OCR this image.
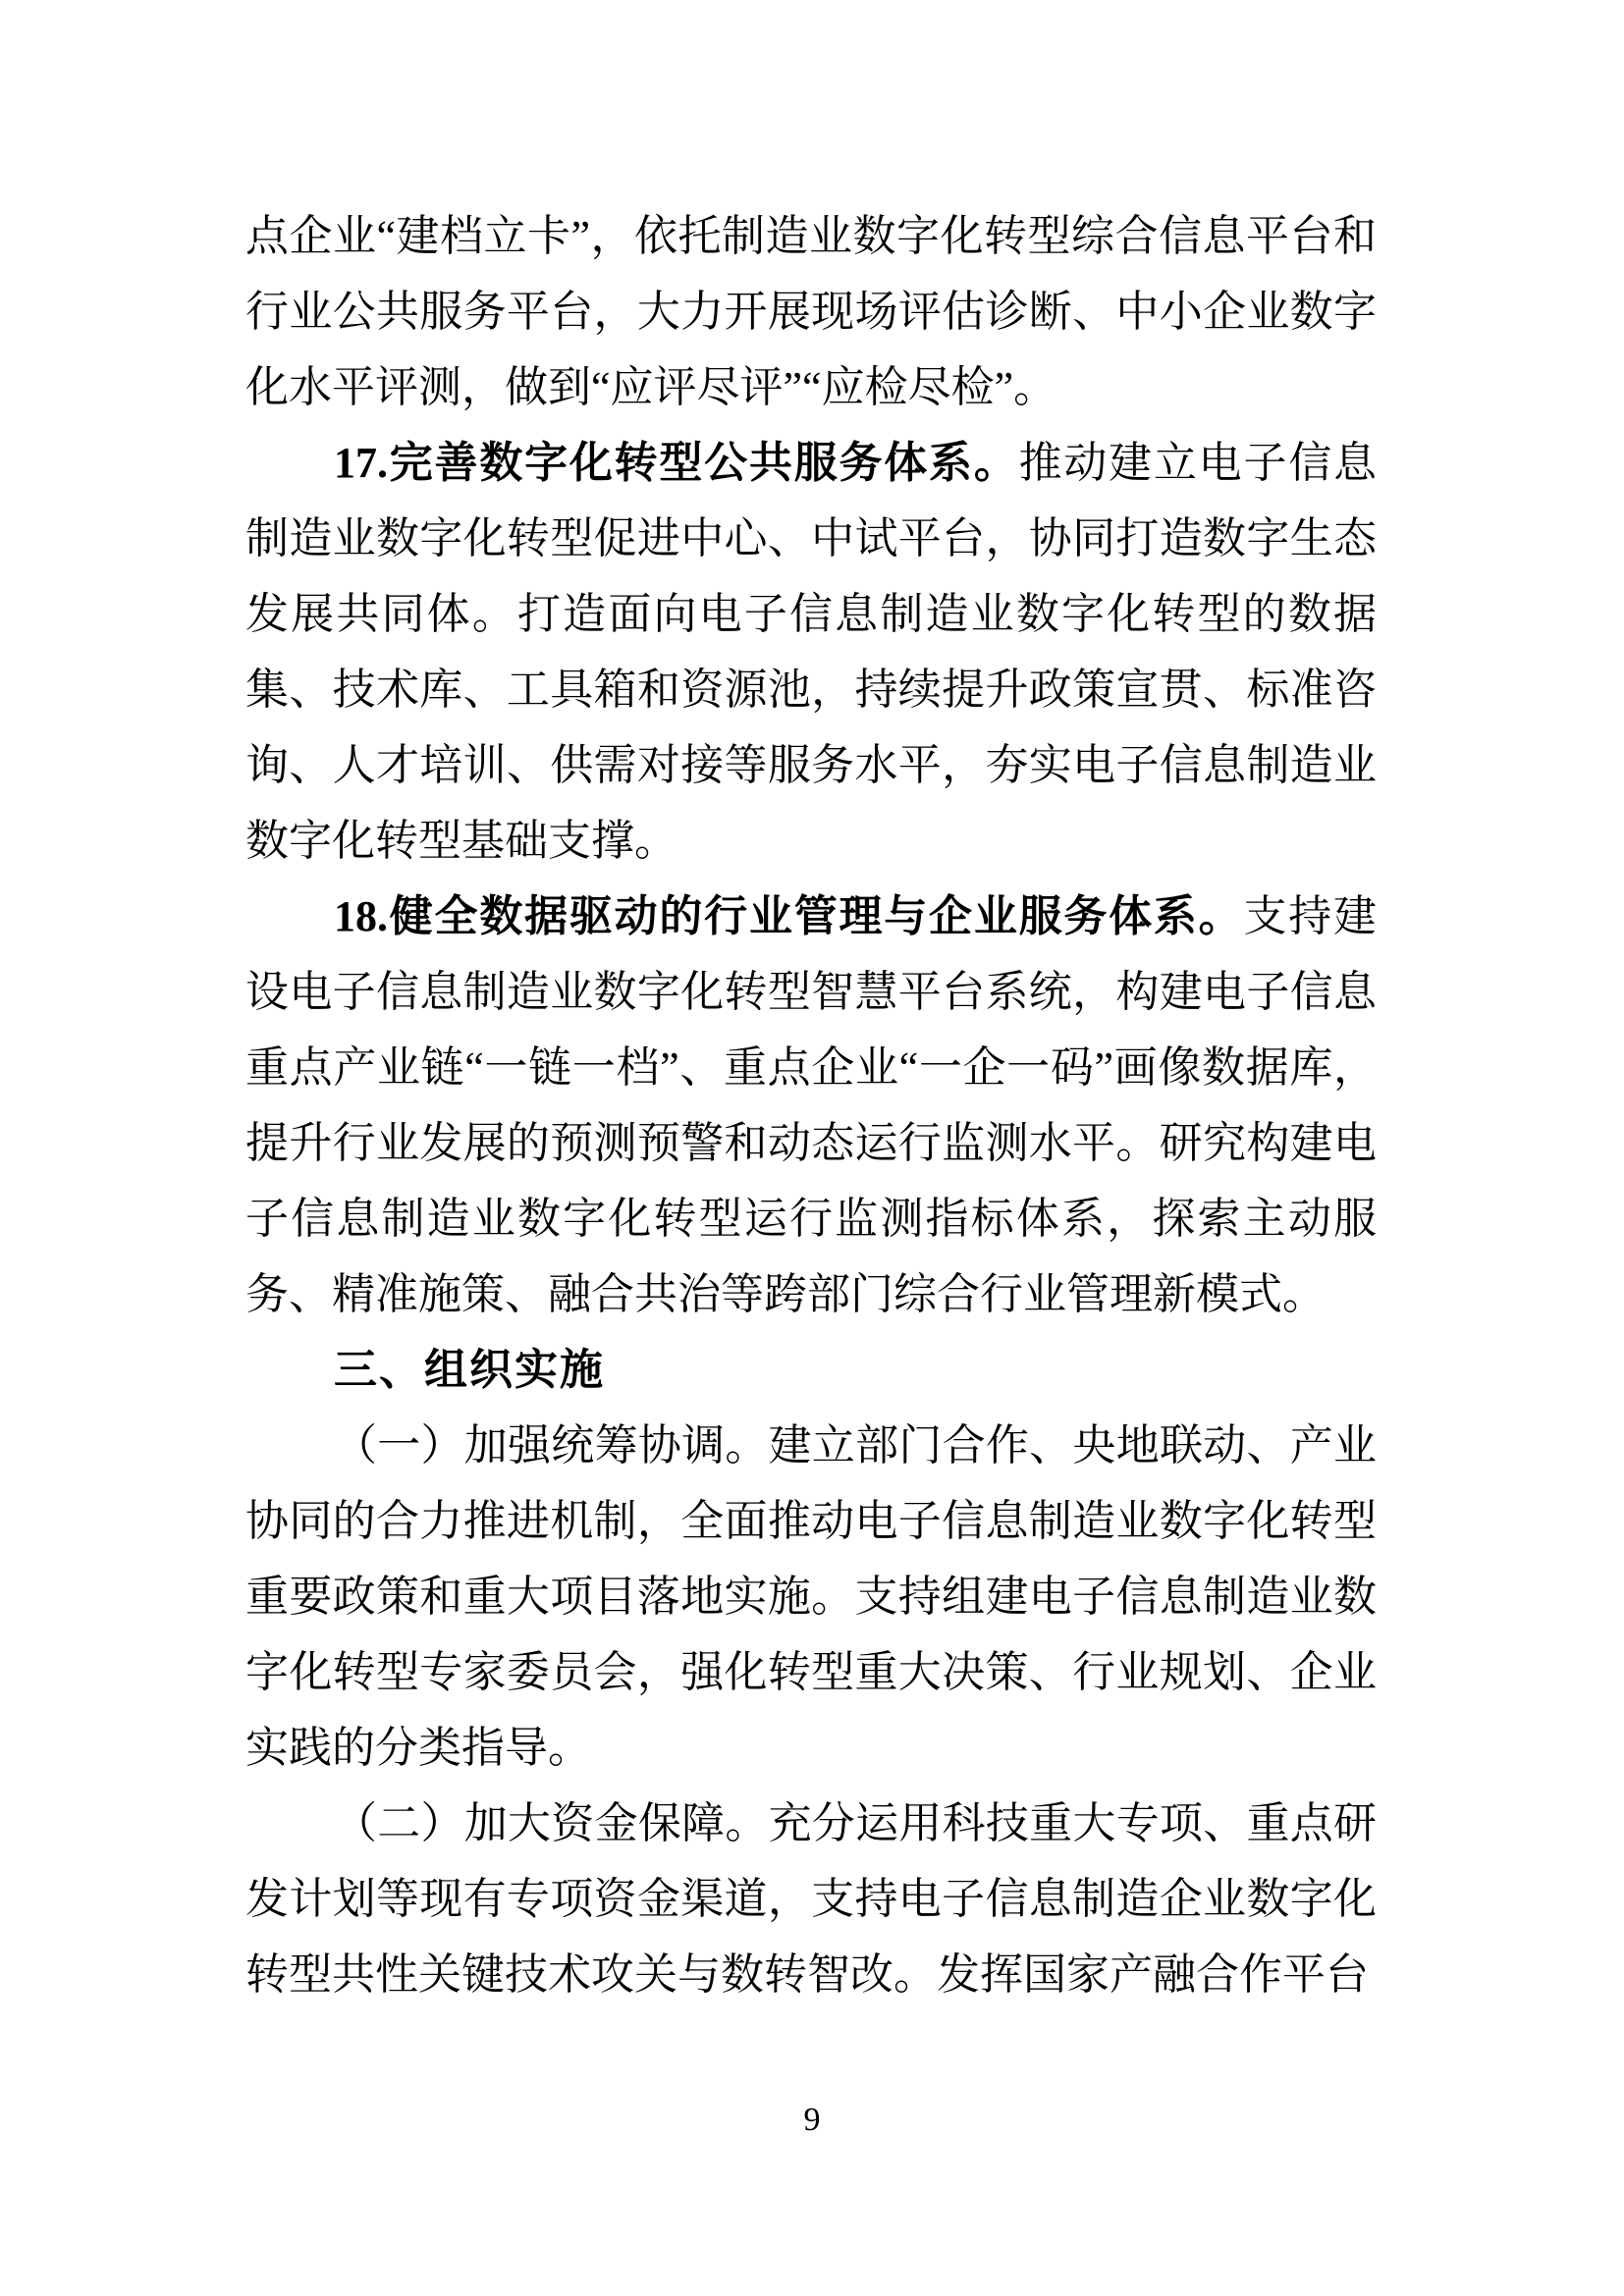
点企业“建档立卡”，依托制造业数字化转型综合信息平台和行业公共服务平台，大力开展现场评估诊断、中小企业数字化水平评测，做到“应评尽评”“应检尽检”。

17.完善数字化转型公共服务体系。推动建立电子信息制造业数字化转型促进中心、中试平台，协同打造数字生态发展共同体。打造面向电子信息制造业数字化转型的数据集、技术库、工具箱和资源池，持续提升政策宣贯、标准咨询、人才培训、供需对接等服务水平，夯实电子信息制造业数字化转型基础支撑。

18.健全数据驱动的行业管理与企业服务体系。支持建设电子信息制造业数字化转型智慧平台系统，构建电子信息重点产业链“一链一档”、重点企业“一企一码”画像数据库，提升行业发展的预测预警和动态运行监测水平。研究构建电子信息制造业数字化转型运行监测指标体系，探索主动服务、精准施策、融合共治等跨部门综合行业管理新模式。

三、组织实施

（一）加强统筹协调。建立部门合作、央地联动、产业协同的合力推进机制，全面推动电子信息制造业数字化转型重要政策和重大项目落地实施。支持组建电子信息制造业数字化转型专家委员会，强化转型重大决策、行业规划、企业实践的分类指导。

（二）加大资金保障。充分运用科技重大专项、重点研发计划等现有专项资金渠道，支持电子信息制造企业数字化转型共性关键技术攻关与数转智改。发挥国家产融合作平台

9
